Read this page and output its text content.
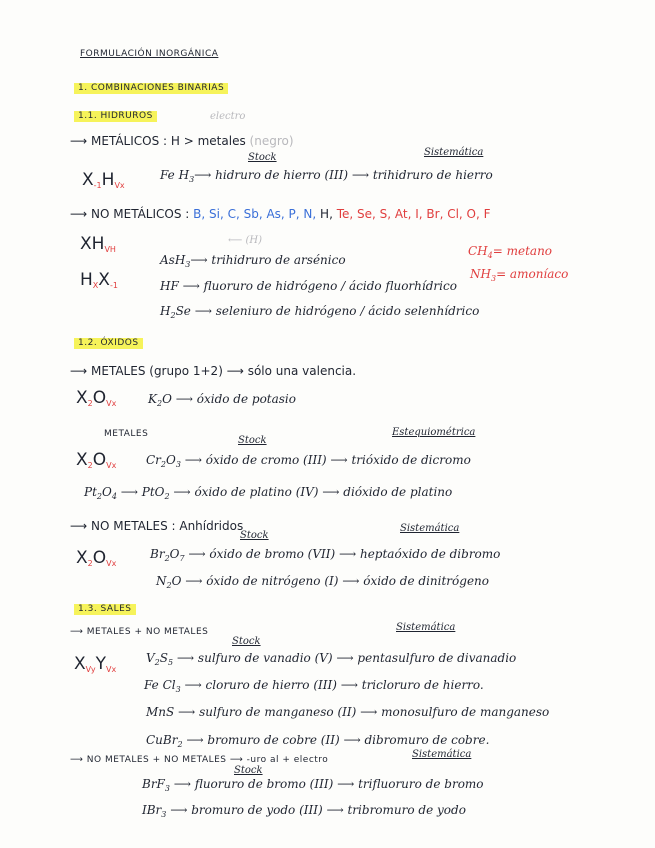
FORMULACIÓN INORGÁNICA
1. COMBINACIONES BINARIAS
1.1. HIDRUROS	electro
⟶ METÁLICOS : H > metales (negro)
Stock	Sistemática
$X_{-1}H_{Vx}$
Fe $H_3⟶$ hidruro de hierro (III) ⟶ trihidruro de hierro
⟶ NO METÁLICOS : B, Si, C, Sb, As, P, N, H, Te, Se, S, At, I, Br, Cl, O, F
$XH_{VH}$
⟵ (H)
AsH$_3$⟶ trihidruro de arsénico
$CH_4= metano$
$H_XX_{-1}$	HF ⟶ fluoruro de hidrógeno / ácido fluorhídrico
$NH_3=$ amoníaco
$H_2Se$ ⟶ seleniuro de hidrógeno / ácido selenhídrico
1.2. ÓXIDOS
⟶ METALES (grupo 1+2) ⟶ sólo una valencia.
$X_2O_{Vx}$	$K_2O$ ⟶ óxido de potasio
METALES
Stock
Estequiométrica
$X_2O_{Vx}$ $Cr_2O_3$ ⟶ óxido de cromo (III) ⟶ trióxido de dicromo
$Pt_2O_4$ ⟶ PtO$_2$ ⟶ óxido de platino (IV) ⟶ dióxido de platino
⟶ NO METALES : Anhídridos
Stock
Sistemática
$X_2O_{Vx}$
$Br_2O_7$ ⟶ óxido de bromo (VII) ⟶ heptaóxido de dibromo
$N_2O$ ⟶ óxido de nitrógeno (I) ⟶ óxido de dinitrógeno
1.3. SALES
⟶ METALES + NO METALES
Stock
Sistemática
$X_{Vy}Y_{Vx}$
$V_2S_5$ ⟶ sulfuro de vanadio (V) ⟶ pentasulfuro de divanadio
Fe $Cl_3$ ⟶ cloruro de hierro (III) ⟶ tricloruro de hierro.
MnS ⟶ sulfuro de manganeso (II) ⟶ monosulfuro de manganeso
CuBr$_2$ ⟶ bromuro de cobre (II) ⟶ dibromuro de cobre.
⟶ NO METALES + NO METALES ⟶ -uro al + electro
Stock
Sistemática
BrF$_3$ ⟶ fluoruro de bromo (III) ⟶ trifluoruro de bromo
IBr$_3$ ⟶ bromuro de yodo (III) ⟶ tribromuro de yodo
